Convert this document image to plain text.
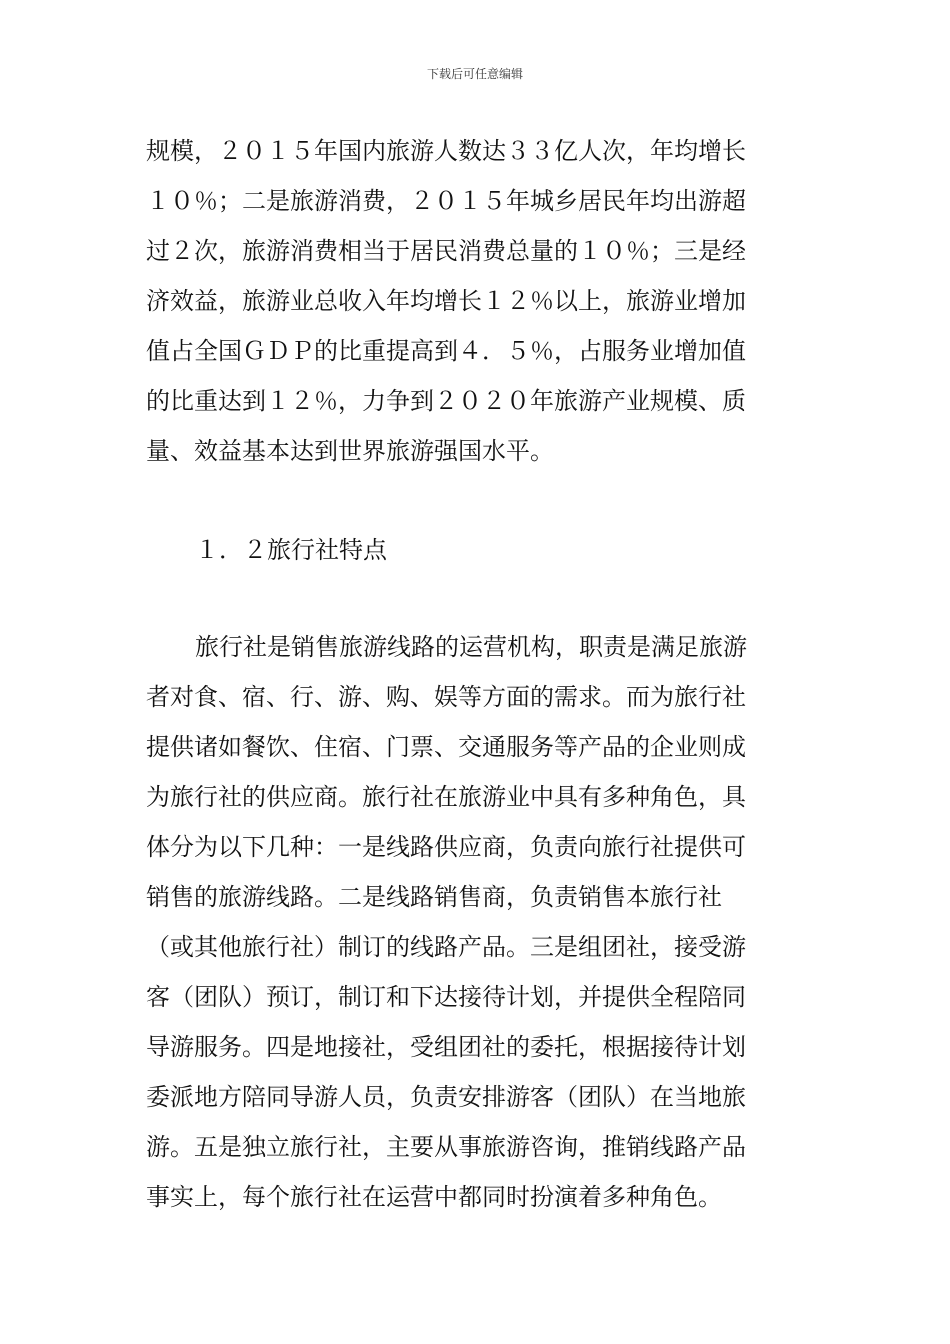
下载后可任意编辑
规模，２０１５年国内旅游人数达３３亿人次，年均增长
１０％；二是旅游消费，２０１５年城乡居民年均出游超
过２次，旅游消费相当于居民消费总量的１０％；三是经
济效益，旅游业总收入年均增长１２％以上，旅游业增加
值占全国ＧＤＰ的比重提高到４．５％，占服务业增加值
的比重达到１２％，力争到２０２０年旅游产业规模、质
量、效益基本达到世界旅游强国水平。
１．２旅行社特点
旅行社是销售旅游线路的运营机构，职责是满足旅游
者对食、宿、行、游、购、娱等方面的需求。而为旅行社
提供诸如餐饮、住宿、门票、交通服务等产品的企业则成
为旅行社的供应商。旅行社在旅游业中具有多种角色，具
体分为以下几种：一是线路供应商，负责向旅行社提供可
销售的旅游线路。二是线路销售商，负责销售本旅行社
（或其他旅行社）制订的线路产品。三是组团社，接受游
客（团队）预订，制订和下达接待计划，并提供全程陪同
导游服务。四是地接社，受组团社的委托，根据接待计划
委派地方陪同导游人员，负责安排游客（团队）在当地旅
游。五是独立旅行社，主要从事旅游咨询，推销线路产品
事实上，每个旅行社在运营中都同时扮演着多种角色。
